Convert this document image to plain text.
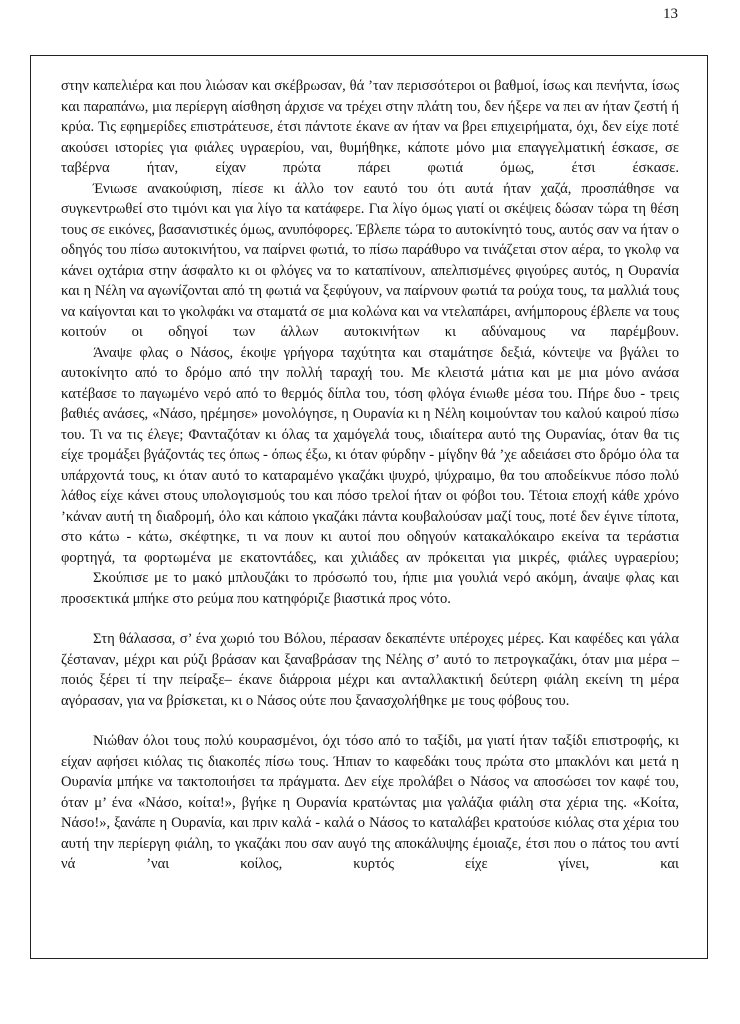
13

στην καπελιέρα και που λιώσαν και σκέβρωσαν, θά ’ταν περισσότεροι οι βαθμοί, ίσως και πενήντα, ίσως και παραπάνω, μια περίεργη αίσθηση άρχισε να τρέχει στην πλάτη του, δεν ήξερε να πει αν ήταν ζεστή ή κρύα. Τις εφημερίδες επιστράτευσε, έτσι πάντοτε έκανε αν ήταν να βρει επιχειρήματα, όχι, δεν είχε ποτέ ακούσει ιστορίες για φιάλες υγραερίου, ναι, θυμήθηκε, κάποτε μόνο μια επαγγελματική έσκασε, σε ταβέρνα ήταν, είχαν πρώτα πάρει φωτιά όμως, έτσι έσκασε.

Ένιωσε ανακούφιση, πίεσε κι άλλο τον εαυτό του ότι αυτά ήταν χαζά, προσπάθησε να συγκεντρωθεί στο τιμόνι και για λίγο τα κατάφερε. Για λίγο όμως γιατί οι σκέψεις δώσαν τώρα τη θέση τους σε εικόνες, βασανιστικές όμως, ανυπόφορες. Έβλεπε τώρα το αυτοκίνητό τους, αυτός σαν να ήταν ο οδηγός του πίσω αυτοκινήτου, να παίρνει φωτιά, το πίσω παράθυρο να τινάζεται στον αέρα, το γκολφ να κάνει οχτάρια στην άσφαλτο κι οι φλόγες να το καταπίνουν, απελπισμένες φιγούρες αυτός, η Ουρανία και η Νέλη να αγωνίζονται από τη φωτιά να ξεφύγουν, να παίρνουν φωτιά τα ρούχα τους, τα μαλλιά τους να καίγονται και το γκολφάκι να σταματά σε μια κολώνα και να ντελαπάρει, ανήμπορους έβλεπε να τους κοιτούν οι οδηγοί των άλλων αυτοκινήτων κι αδύναμους να παρέμβουν.

Άναψε φλας ο Νάσος, έκοψε γρήγορα ταχύτητα και σταμάτησε δεξιά, κόντεψε να βγάλει το αυτοκίνητο από το δρόμο από την πολλή ταραχή του. Με κλειστά μάτια και με μια μόνο ανάσα κατέβασε το παγωμένο νερό από το θερμός δίπλα του, τόση φλόγα ένιωθε μέσα του. Πήρε δυο - τρεις βαθιές ανάσες, «Νάσο, ηρέμησε» μονολόγησε, η Ουρανία κι η Νέλη κοιμούνταν του καλού καιρού πίσω του. Τι να τις έλεγε; Φανταζόταν κι όλας τα χαμόγελά τους, ιδιαίτερα αυτό της Ουρανίας, όταν θα τις είχε τρομάξει βγάζοντάς τες όπως - όπως έξω, κι όταν φύρδην - μίγδην θά ’χε αδειάσει στο δρόμο όλα τα υπάρχοντά τους, κι όταν αυτό το καταραμένο γκαζάκι ψυχρό, ψύχραιμο, θα του αποδείκνυε πόσο πολύ λάθος είχε κάνει στους υπολογισμούς του και πόσο τρελοί ήταν οι φόβοι του. Τέτοια εποχή κάθε χρόνο ’κάναν αυτή τη διαδρομή, όλο και κάποιο γκαζάκι πάντα κουβαλούσαν μαζί τους, ποτέ δεν έγινε τίποτα, στο κάτω - κάτω, σκέφτηκε, τι να πουν κι αυτοί που οδηγούν κατακαλόκαιρο εκείνα τα τεράστια φορτηγά, τα φορτωμένα με εκατοντάδες, και χιλιάδες αν πρόκειται για μικρές, φιάλες υγραερίου;

Σκούπισε με το μακό μπλουζάκι το πρόσωπό του, ήπιε μια γουλιά νερό ακόμη, άναψε φλας και προσεκτικά μπήκε στο ρεύμα που κατηφόριζε βιαστικά προς νότο.

Στη θάλασσα, σ’ ένα χωριό του Βόλου, πέρασαν δεκαπέντε υπέροχες μέρες. Και καφέδες και γάλα ζέσταναν, μέχρι και ρύζι βράσαν και ξαναβράσαν της Νέλης σ’ αυτό το πετρογκαζάκι, όταν μια μέρα –ποιός ξέρει τί την πείραξε– έκανε διάρροια μέχρι και ανταλλακτική δεύτερη φιάλη εκείνη τη μέρα αγόρασαν, για να βρίσκεται, κι ο Νάσος ούτε που ξανασχολήθηκε με τους φόβους του.

Νιώθαν όλοι τους πολύ κουρασμένοι, όχι τόσο από το ταξίδι, μα γιατί ήταν ταξίδι επιστροφής, κι είχαν αφήσει κιόλας τις διακοπές πίσω τους. Ήπιαν το καφεδάκι τους πρώτα στο μπακλόνι και μετά η Ουρανία μπήκε να τακτοποιήσει τα πράγματα. Δεν είχε προλάβει ο Νάσος να αποσώσει τον καφέ του, όταν μ’ ένα «Νάσο, κοίτα!», βγήκε η Ουρανία κρατώντας μια γαλάζια φιάλη στα χέρια της. «Κοίτα, Νάσο!», ξανάπε η Ουρανία, και πριν καλά - καλά ο Νάσος το καταλάβει κρατούσε κιόλας στα χέρια του αυτή την περίεργη φιάλη, το γκαζάκι που σαν αυγό της αποκάλυψης έμοιαζε, έτσι που ο πάτος του αντί νά ’ναι κοίλος, κυρτός είχε γίνει, και
